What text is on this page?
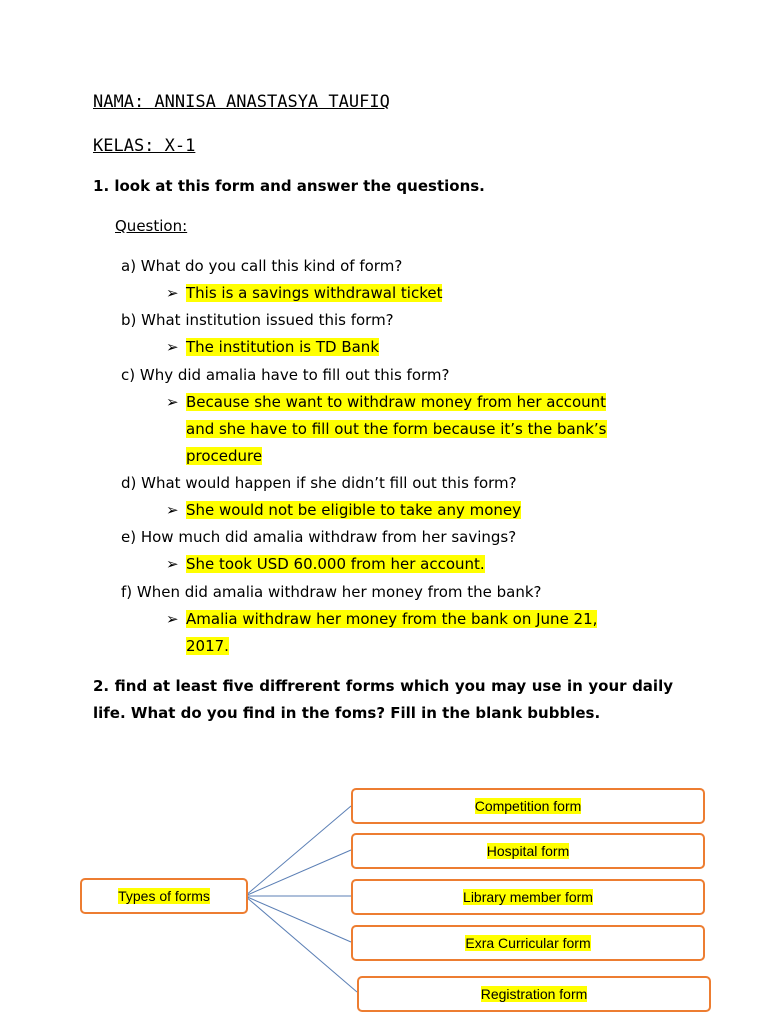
NAMA: ANNISA ANASTASYA TAUFIQ
KELAS: X-1
1. look at this form and answer the questions.
Question:
a) What do you call this kind of form?
➢ This is a savings withdrawal ticket
b) What institution issued this form?
➢ The institution is TD Bank
c) Why did amalia have to fill out this form?
➢ Because she want to withdraw money from her account
and she have to fill out the form because it’s the bank’s
procedure
d) What would happen if she didn’t fill out this form?
➢ She would not be eligible to take any money
e) How much did amalia withdraw from her savings?
➢ She took USD 60.000 from her account.
f) When did amalia withdraw her money from the bank?
➢ Amalia withdraw her money from the bank on June 21,
2017.
2. find at least five diffrerent forms which you may use in your daily life. What do you find in the foms? Fill in the blank bubbles.
Types of forms
Competition form
Hospital form
Library member form
Exra Curricular form
Registration form
